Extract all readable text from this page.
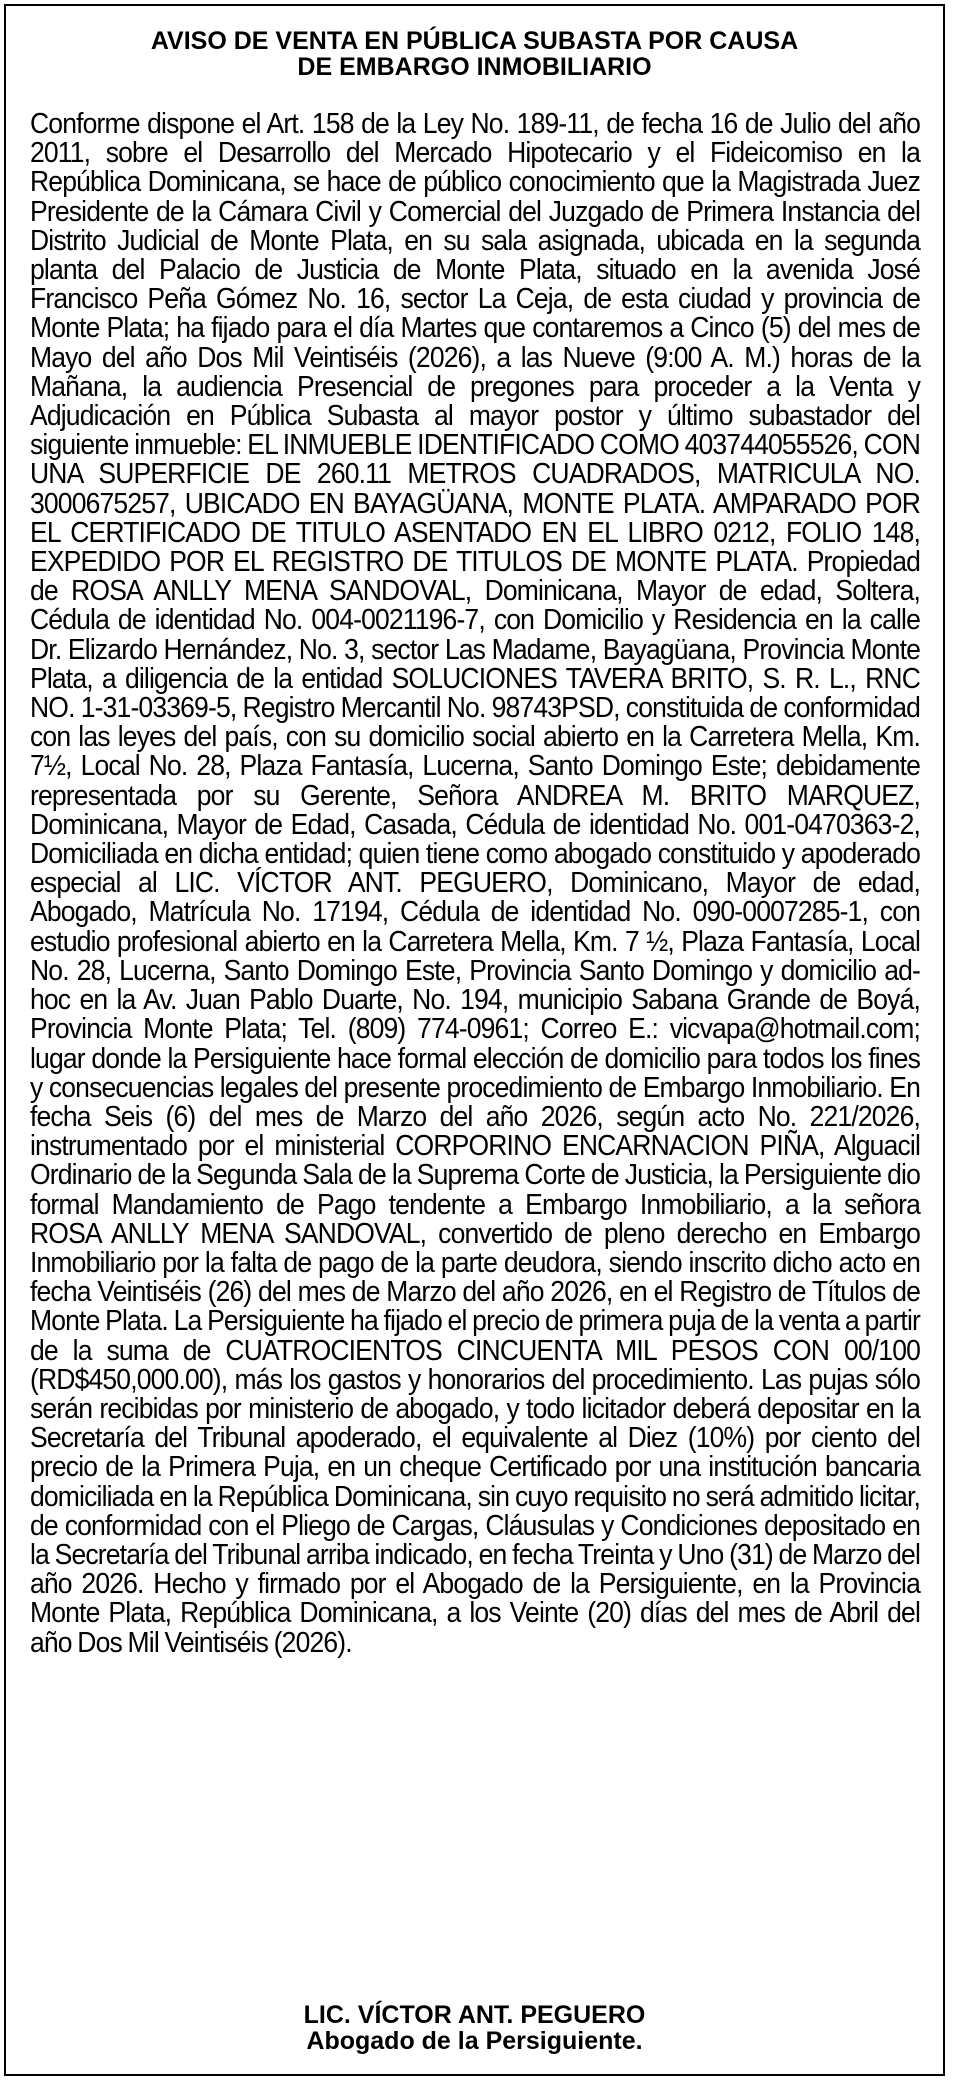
AVISO DE VENTA EN PÚBLICA SUBASTA POR CAUSA
DE EMBARGO INMOBILIARIO

Conforme dispone el Art. 158 de la Ley No. 189-11, de fecha 16 de Julio del año 2011, sobre el Desarrollo del Mercado Hipotecario y el Fideicomiso en la República Dominicana, se hace de público conocimiento que la Magistrada Juez Presidente de la Cámara Civil y Comercial del Juzgado de Primera Instancia del Distrito Judicial de Monte Plata, en su sala asignada, ubicada en la segunda planta del Palacio de Justicia de Monte Plata, situado en la avenida José Francisco Peña Gómez No. 16, sector La Ceja, de esta ciudad y provincia de Monte Plata; ha fijado para el día Martes que contaremos a Cinco (5) del mes de Mayo del año Dos Mil Veintiséis (2026), a las Nueve (9:00 A. M.) horas de la Mañana, la audiencia Presencial de pregones para proceder a la Venta y Adjudicación en Pública Subasta al mayor postor y último subastador del siguiente inmueble: EL INMUEBLE IDENTIFICADO COMO 403744055526, CON UNA SUPERFICIE DE 260.11 METROS CUADRADOS, MATRICULA NO. 3000675257, UBICADO EN BAYAGÜANA, MONTE PLATA. AMPARADO POR EL CERTIFICADO DE TITULO ASENTADO EN EL LIBRO 0212, FOLIO 148, EXPEDIDO POR EL REGISTRO DE TITULOS DE MONTE PLATA. Propiedad de ROSA ANLLY MENA SANDOVAL, Dominicana, Mayor de edad, Soltera, Cédula de identidad No. 004-0021196-7, con Domicilio y Residencia en la calle Dr. Elizardo Hernández, No. 3, sector Las Madame, Bayagüana, Provincia Monte Plata, a diligencia de la entidad SOLUCIONES TAVERA BRITO, S. R. L., RNC NO. 1-31-03369-5, Registro Mercantil No. 98743PSD, constituida de conformidad con las leyes del país, con su domicilio social abierto en la Carretera Mella, Km. 7½, Local No. 28, Plaza Fantasía, Lucerna, Santo Domingo Este; debidamente representada por su Gerente, Señora ANDREA M. BRITO MARQUEZ, Dominicana, Mayor de Edad, Casada, Cédula de identidad No. 001-0470363-2, Domiciliada en dicha entidad; quien tiene como abogado constituido y apoderado especial al LIC. VÍCTOR ANT. PEGUERO, Dominicano, Mayor de edad, Abogado, Matrícula No. 17194, Cédula de identidad No. 090-0007285-1, con estudio profesional abierto en la Carretera Mella, Km. 7 ½, Plaza Fantasía, Local No. 28, Lucerna, Santo Domingo Este, Provincia Santo Domingo y domicilio ad-hoc en la Av. Juan Pablo Duarte, No. 194, municipio Sabana Grande de Boyá, Provincia Monte Plata; Tel. (809) 774-0961; Correo E.: vicvapa@hotmail.com; lugar donde la Persiguiente hace formal elección de domicilio para todos los fines y consecuencias legales del presente procedimiento de Embargo Inmobiliario. En fecha Seis (6) del mes de Marzo del año 2026, según acto No. 221/2026, instrumentado por el ministerial CORPORINO ENCARNACION PIÑA, Alguacil Ordinario de la Segunda Sala de la Suprema Corte de Justicia, la Persiguiente dio formal Mandamiento de Pago tendente a Embargo Inmobiliario, a la señora ROSA ANLLY MENA SANDOVAL, convertido de pleno derecho en Embargo Inmobiliario por la falta de pago de la parte deudora, siendo inscrito dicho acto en fecha Veintiséis (26) del mes de Marzo del año 2026, en el Registro de Títulos de Monte Plata. La Persiguiente ha fijado el precio de primera puja de la venta a partir de la suma de CUATROCIENTOS CINCUENTA MIL PESOS CON 00/100 (RD$450,000.00), más los gastos y honorarios del procedimiento. Las pujas sólo serán recibidas por ministerio de abogado, y todo licitador deberá depositar en la Secretaría del Tribunal apoderado, el equivalente al Diez (10%) por ciento del precio de la Primera Puja, en un cheque Certificado por una institución bancaria domiciliada en la República Dominicana, sin cuyo requisito no será admitido licitar, de conformidad con el Pliego de Cargas, Cláusulas y Condiciones depositado en la Secretaría del Tribunal arriba indicado, en fecha Treinta y Uno (31) de Marzo del año 2026. Hecho y firmado por el Abogado de la Persiguiente, en la Provincia Monte Plata, República Dominicana, a los Veinte (20) días del mes de Abril del año Dos Mil Veintiséis (2026).

LIC. VÍCTOR ANT. PEGUERO
Abogado de la Persiguiente.
